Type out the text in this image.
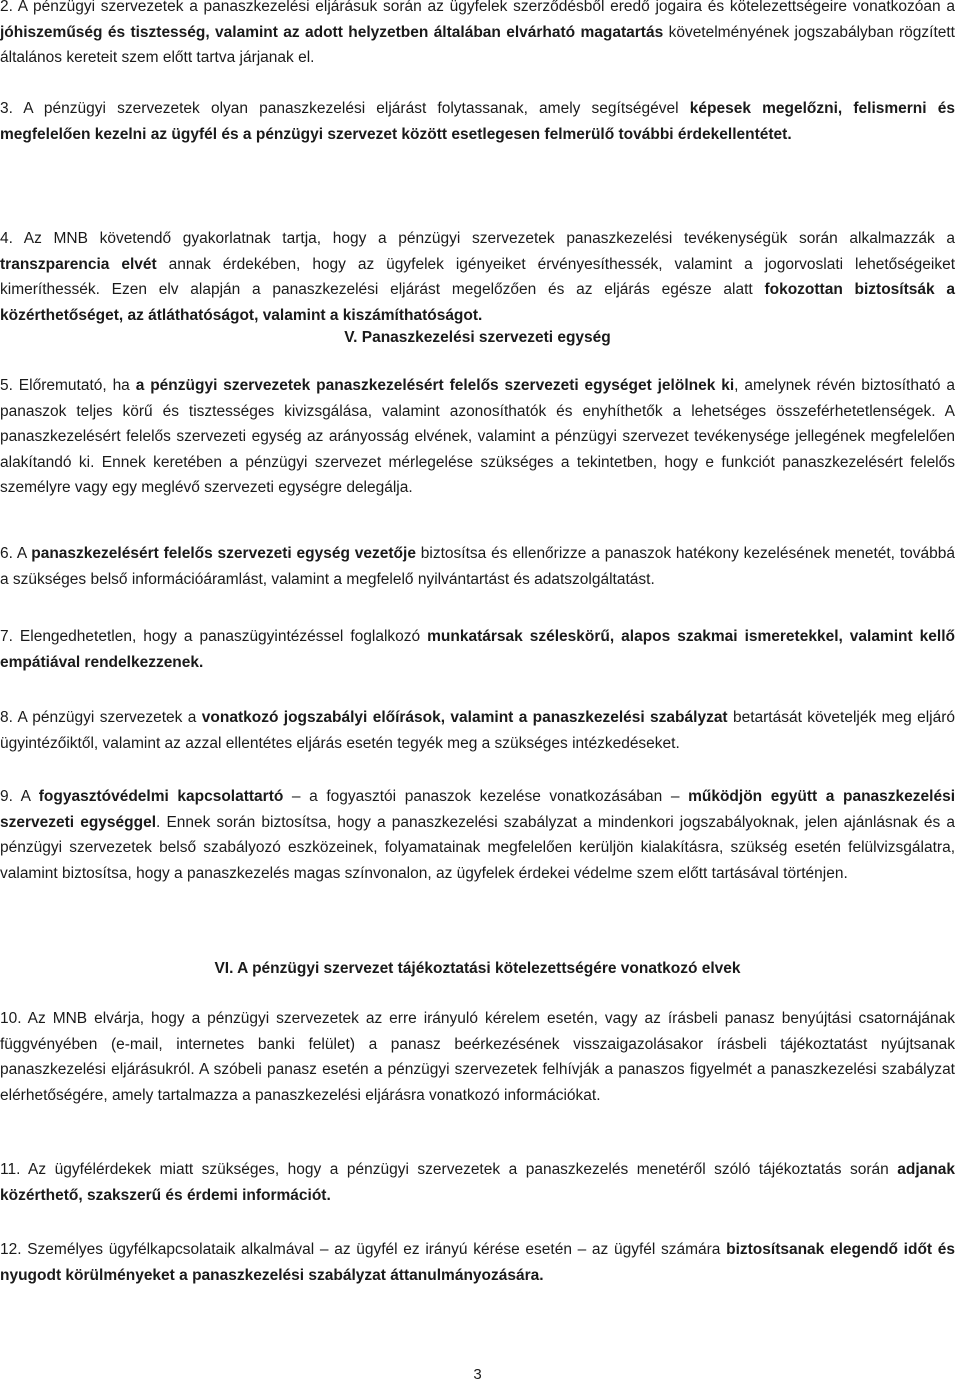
2. A pénzügyi szervezetek a panaszkezelési eljárásuk során az ügyfelek szerződésből eredő jogaira és kötelezettségeire vonatkozóan a jóhiszeműség és tisztesség, valamint az adott helyzetben általában elvárható magatartás követelményének jogszabályban rögzített általános kereteit szem előtt tartva járjanak el.

3. A pénzügyi szervezetek olyan panaszkezelési eljárást folytassanak, amely segítségével képesek megelőzni, felismerni és megfelelően kezelni az ügyfél és a pénzügyi szervezet között esetlegesen felmerülő további érdekellentétet.

4. Az MNB követendő gyakorlatnak tartja, hogy a pénzügyi szervezetek panaszkezelési tevékenységük során alkalmazzák a transzparencia elvét annak érdekében, hogy az ügyfelek igényeiket érvényesíthessék, valamint a jogorvoslati lehetőségeiket kimeríthessék. Ezen elv alapján a panaszkezelési eljárást megelőzően és az eljárás egésze alatt fokozottan biztosítsák a közérthetőséget, az átláthatóságot, valamint a kiszámíthatóságot.

V. Panaszkezelési szervezeti egység

5. Előremutató, ha a pénzügyi szervezetek panaszkezelésért felelős szervezeti egységet jelölnek ki, amelynek révén biztosítható a panaszok teljes körű és tisztességes kivizsgálása, valamint azonosíthatók és enyhíthetők a lehetséges összeférhetetlenségek. A panaszkezelésért felelős szervezeti egység az arányosság elvének, valamint a pénzügyi szervezet tevékenysége jellegének megfelelően alakítandó ki. Ennek keretében a pénzügyi szervezet mérlegelése szükséges a tekintetben, hogy e funkciót panaszkezelésért felelős személyre vagy egy meglévő szervezeti egységre delegálja.

6. A panaszkezelésért felelős szervezeti egység vezetője biztosítsa és ellenőrizze a panaszok hatékony kezelésének menetét, továbbá a szükséges belső információáramlást, valamint a megfelelő nyilvántartást és adatszolgáltatást.

7. Elengedhetetlen, hogy a panaszügyintézéssel foglalkozó munkatársak széleskörű, alapos szakmai ismeretekkel, valamint kellő empátiával rendelkezzenek.

8. A pénzügyi szervezetek a vonatkozó jogszabályi előírások, valamint a panaszkezelési szabályzat betartását követeljék meg eljáró ügyintézőiktől, valamint az azzal ellentétes eljárás esetén tegyék meg a szükséges intézkedéseket.

9. A fogyasztóvédelmi kapcsolattartó – a fogyasztói panaszok kezelése vonatkozásában – működjön együtt a panaszkezelési szervezeti egységgel. Ennek során biztosítsa, hogy a panaszkezelési szabályzat a mindenkori jogszabályoknak, jelen ajánlásnak és a pénzügyi szervezetek belső szabályozó eszközeinek, folyamatainak megfelelően kerüljön kialakításra, szükség esetén felülvizsgálatra, valamint biztosítsa, hogy a panaszkezelés magas színvonalon, az ügyfelek érdekei védelme szem előtt tartásával történjen.

VI. A pénzügyi szervezet tájékoztatási kötelezettségére vonatkozó elvek

10. Az MNB elvárja, hogy a pénzügyi szervezetek az erre irányuló kérelem esetén, vagy az írásbeli panasz benyújtási csatornájának függvényében (e-mail, internetes banki felület) a panasz beérkezésének visszaigazolásakor írásbeli tájékoztatást nyújtsanak panaszkezelési eljárásukról. A szóbeli panasz esetén a pénzügyi szervezetek felhívják a panaszos figyelmét a panaszkezelési szabályzat elérhetőségére, amely tartalmazza a panaszkezelési eljárásra vonatkozó információkat.

11. Az ügyfélérdekek miatt szükséges, hogy a pénzügyi szervezetek a panaszkezelés menetéről szóló tájékoztatás során adjanak közérthető, szakszerű és érdemi információt.

12. Személyes ügyfélkapcsolataik alkalmával – az ügyfél ez irányú kérése esetén – az ügyfél számára biztosítsanak elegendő időt és nyugodt körülményeket a panaszkezelési szabályzat áttanulmányozására.

3
